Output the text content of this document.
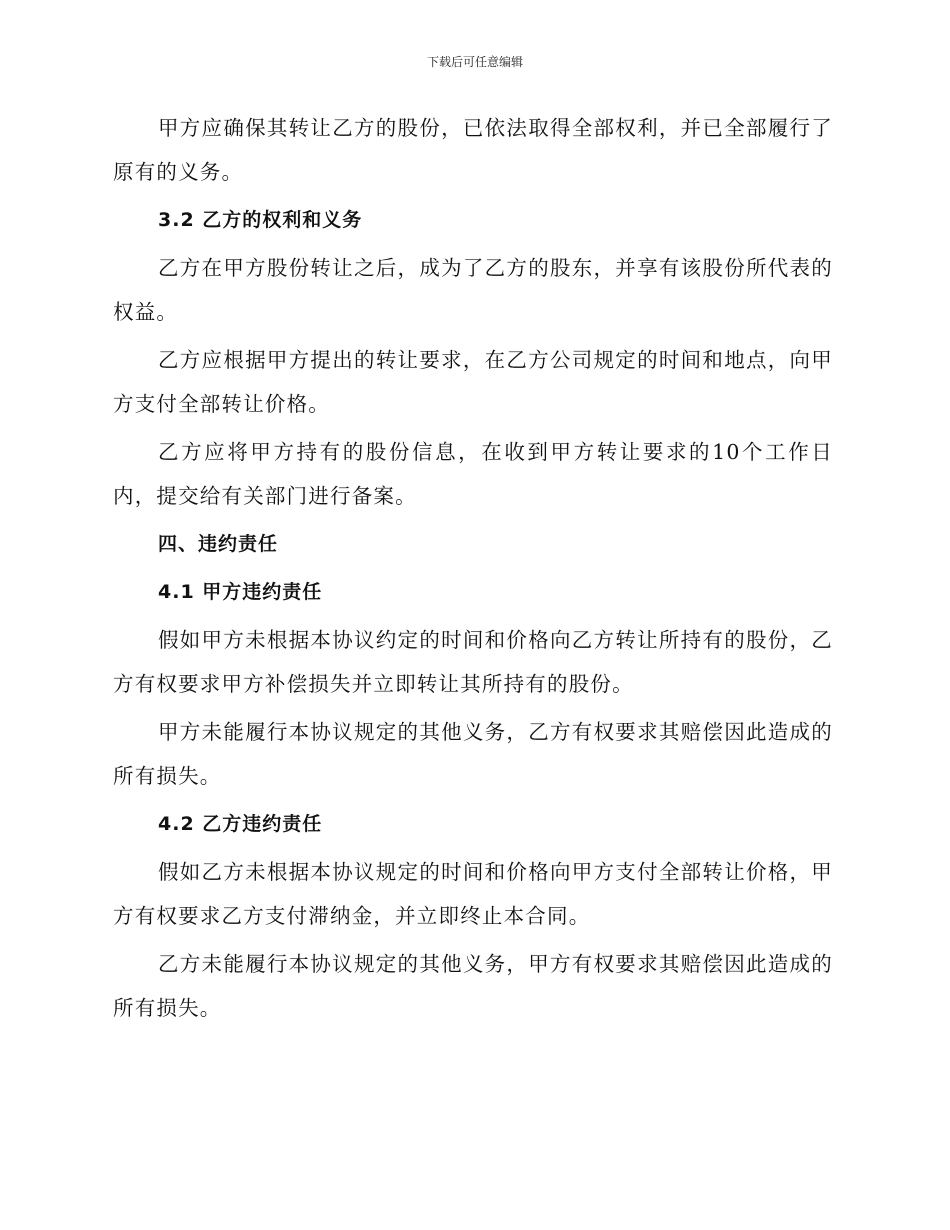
下载后可任意编辑

甲方应确保其转让乙方的股份，已依法取得全部权利，并已全部履行了原有的义务。

3.2 乙方的权利和义务

乙方在甲方股份转让之后，成为了乙方的股东，并享有该股份所代表的权益。

乙方应根据甲方提出的转让要求，在乙方公司规定的时间和地点，向甲方支付全部转让价格。

乙方应将甲方持有的股份信息，在收到甲方转让要求的10个工作日内，提交给有关部门进行备案。

四、违约责任
4.1 甲方违约责任

假如甲方未根据本协议约定的时间和价格向乙方转让所持有的股份，乙方有权要求甲方补偿损失并立即转让其所持有的股份。

甲方未能履行本协议规定的其他义务，乙方有权要求其赔偿因此造成的所有损失。

4.2 乙方违约责任

假如乙方未根据本协议规定的时间和价格向甲方支付全部转让价格，甲方有权要求乙方支付滞纳金，并立即终止本合同。

乙方未能履行本协议规定的其他义务，甲方有权要求其赔偿因此造成的所有损失。
